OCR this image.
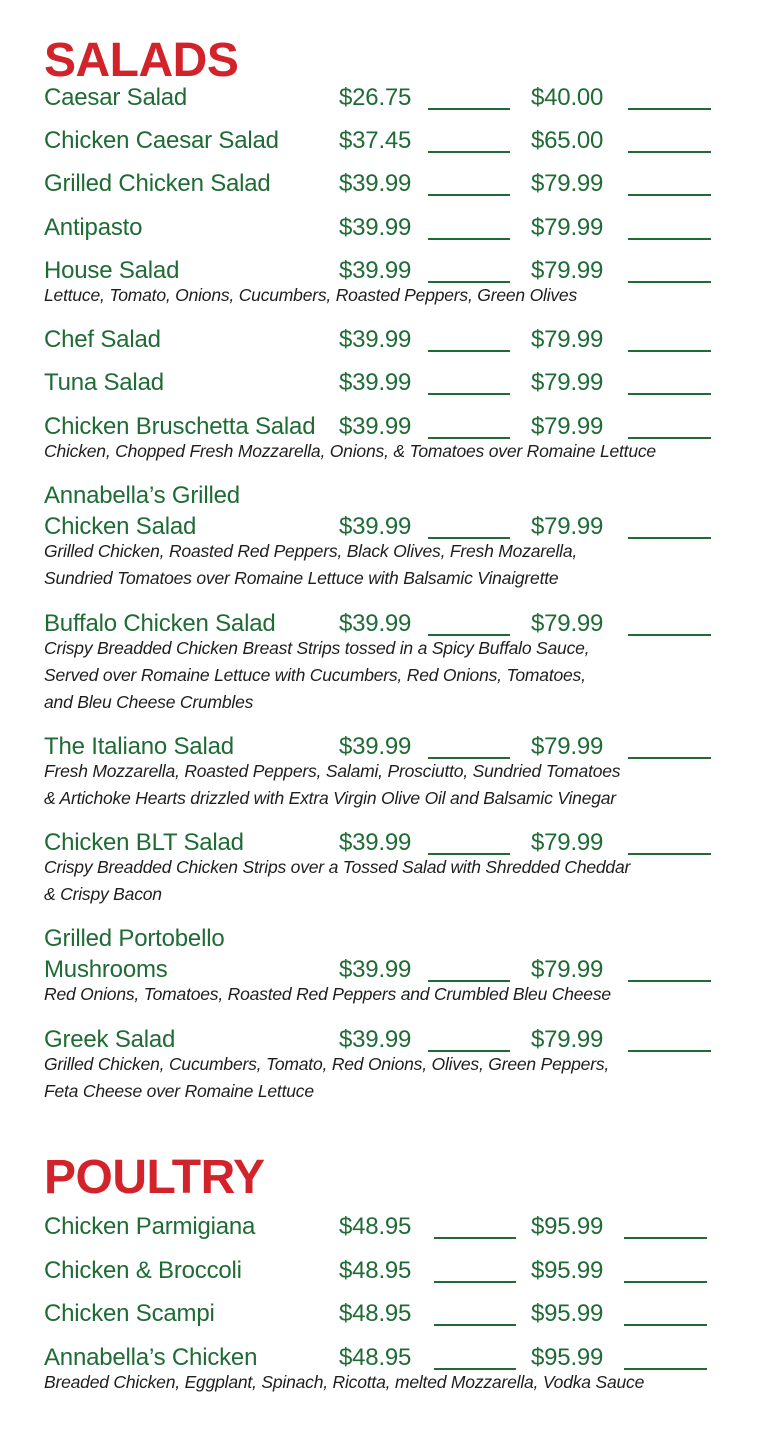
SALADS
Caesar Salad	$26.75	$40.00
Chicken Caesar Salad	$37.45	$65.00
Grilled Chicken Salad	$39.99	$79.99
Antipasto	$39.99	$79.99
House Salad	$39.99	$79.99
Lettuce, Tomato, Onions, Cucumbers, Roasted Peppers, Green Olives
Chef Salad	$39.99	$79.99
Tuna Salad	$39.99	$79.99
Chicken Bruschetta Salad $39.99	$79.99
Chicken, Chopped Fresh Mozzarella, Onions, & Tomatoes over Romaine Lettuce
Annabella’s Grilled
Chicken Salad	$39.99	$79.99
Grilled Chicken, Roasted Red Peppers, Black Olives, Fresh Mozarella,
Sundried Tomatoes over Romaine Lettuce with Balsamic Vinaigrette
Buffalo Chicken Salad	$39.99	$79.99
Crispy Breadded Chicken Breast Strips tossed in a Spicy Buffalo Sauce,
Served over Romaine Lettuce with Cucumbers, Red Onions, Tomatoes,
and Bleu Cheese Crumbles
The Italiano Salad	$39.99	$79.99
Fresh Mozzarella, Roasted Peppers, Salami, Prosciutto, Sundried Tomatoes
& Artichoke Hearts drizzled with Extra Virgin Olive Oil and Balsamic Vinegar
Chicken BLT Salad	$39.99	$79.99
Crispy Breadded Chicken Strips over a Tossed Salad with Shredded Cheddar
& Crispy Bacon
Grilled Portobello
Mushrooms	$39.99	$79.99
Red Onions, Tomatoes, Roasted Red Peppers and Crumbled Bleu Cheese
Greek Salad	$39.99	$79.99
Grilled Chicken, Cucumbers, Tomato, Red Onions, Olives, Green Peppers,
Feta Cheese over Romaine Lettuce
POULTRY
Chicken Parmigiana	$48.95	$95.99
Chicken & Broccoli	$48.95	$95.99
Chicken Scampi	$48.95	$95.99
Annabella’s Chicken	$48.95	$95.99
Breaded Chicken, Eggplant, Spinach, Ricotta, melted Mozzarella, Vodka Sauce
